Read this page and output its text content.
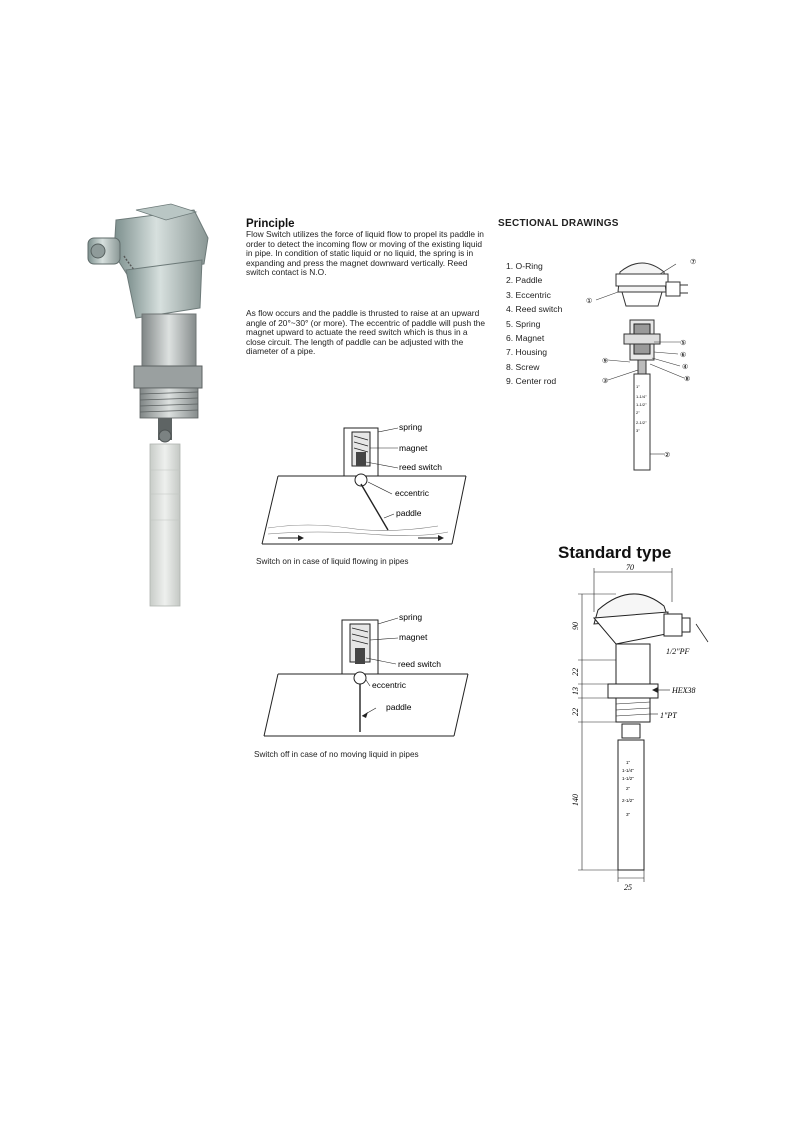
Principle

Flow Switch utilizes the force of liquid flow to propel its paddle in order to detect the incoming flow or moving of the existing liquid in pipe. In condition of static liquid or no liquid, the spring is in expanding and press the magnet downward vertically. Reed switch contact is N.O.

As flow occurs and the paddle is thrusted to raise at an upward angle of 20°~30° (or more). The eccentric of paddle will push the magnet upward to actuate the reed switch which is thus in a close circuit. The length of paddle can be adjusted with the diameter of a pipe.

SECTIONAL DRAWINGS
1. O-Ring
2. Paddle
3. Eccentric
4. Reed switch
5. Spring
6. Magnet
7. Housing
8. Screw
9. Center rod
1"
1-1/4"
1-1/2"
2"
2-1/2"
3"
①
⑦
⑤
⑥
④
⑧
⑨
③
②
spring
magnet
reed switch
eccentric
paddle
Switch on in case of liquid flowing in pipes
spring
magnet
reed switch
eccentric
paddle
Switch off in case of no moving liquid in pipes
Standard type
70
1/2"PF
HEX38
1"PT
1"
1-1/4"
1-1/2"
2"
2-1/2"
3"
90
22
13
22
140
25
